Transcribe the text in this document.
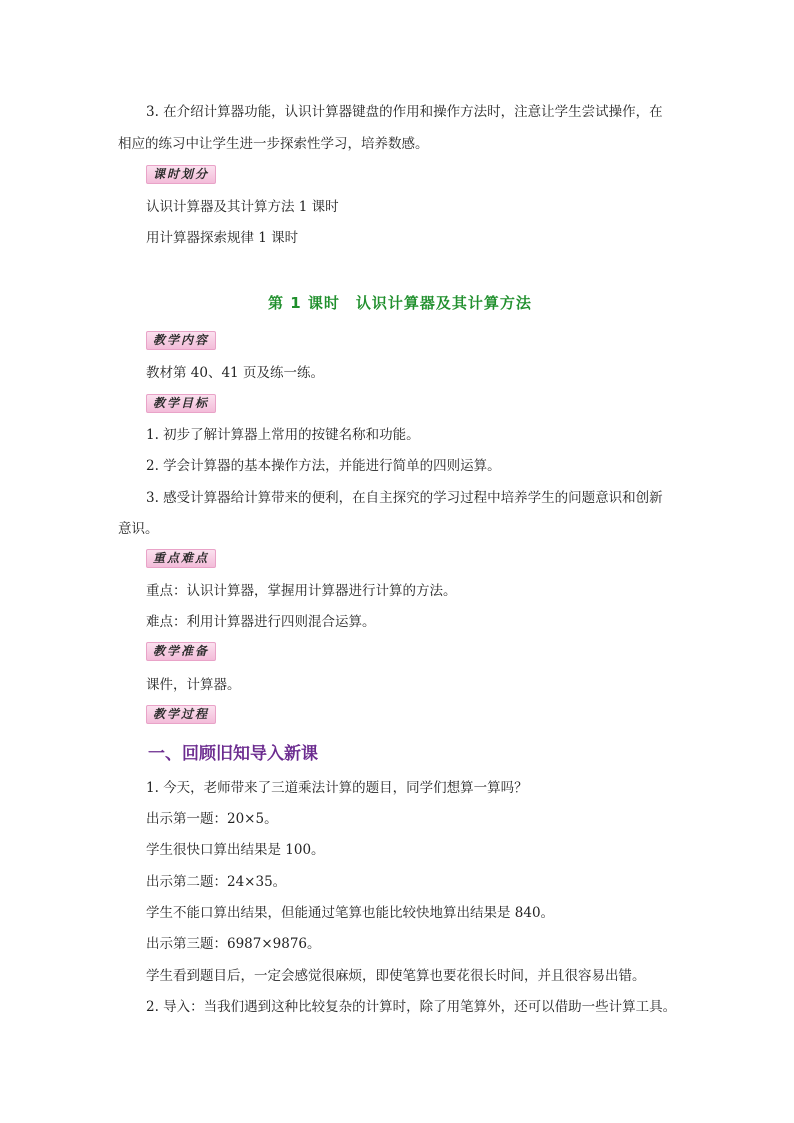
3. 在介绍计算器功能，认识计算器键盘的作用和操作方法时，注意让学生尝试操作，在
相应的练习中让学生进一步探索性学习，培养数感。
课时划分
认识计算器及其计算方法 1 课时
用计算器探索规律 1 课时
第 1 课时　认识计算器及其计算方法
教学内容
教材第 40、41 页及练一练。
教学目标
1. 初步了解计算器上常用的按键名称和功能。
2. 学会计算器的基本操作方法，并能进行简单的四则运算。
3. 感受计算器给计算带来的便利，在自主探究的学习过程中培养学生的问题意识和创新
意识。
重点难点
重点：认识计算器，掌握用计算器进行计算的方法。
难点：利用计算器进行四则混合运算。
教学准备
课件，计算器。
教学过程
一、回顾旧知导入新课
1. 今天，老师带来了三道乘法计算的题目，同学们想算一算吗？
出示第一题：20×5。
学生很快口算出结果是 100。
出示第二题：24×35。
学生不能口算出结果，但能通过笔算也能比较快地算出结果是 840。
出示第三题：6987×9876。
学生看到题目后，一定会感觉很麻烦，即使笔算也要花很长时间，并且很容易出错。
2. 导入：当我们遇到这种比较复杂的计算时，除了用笔算外，还可以借助一些计算工具。
